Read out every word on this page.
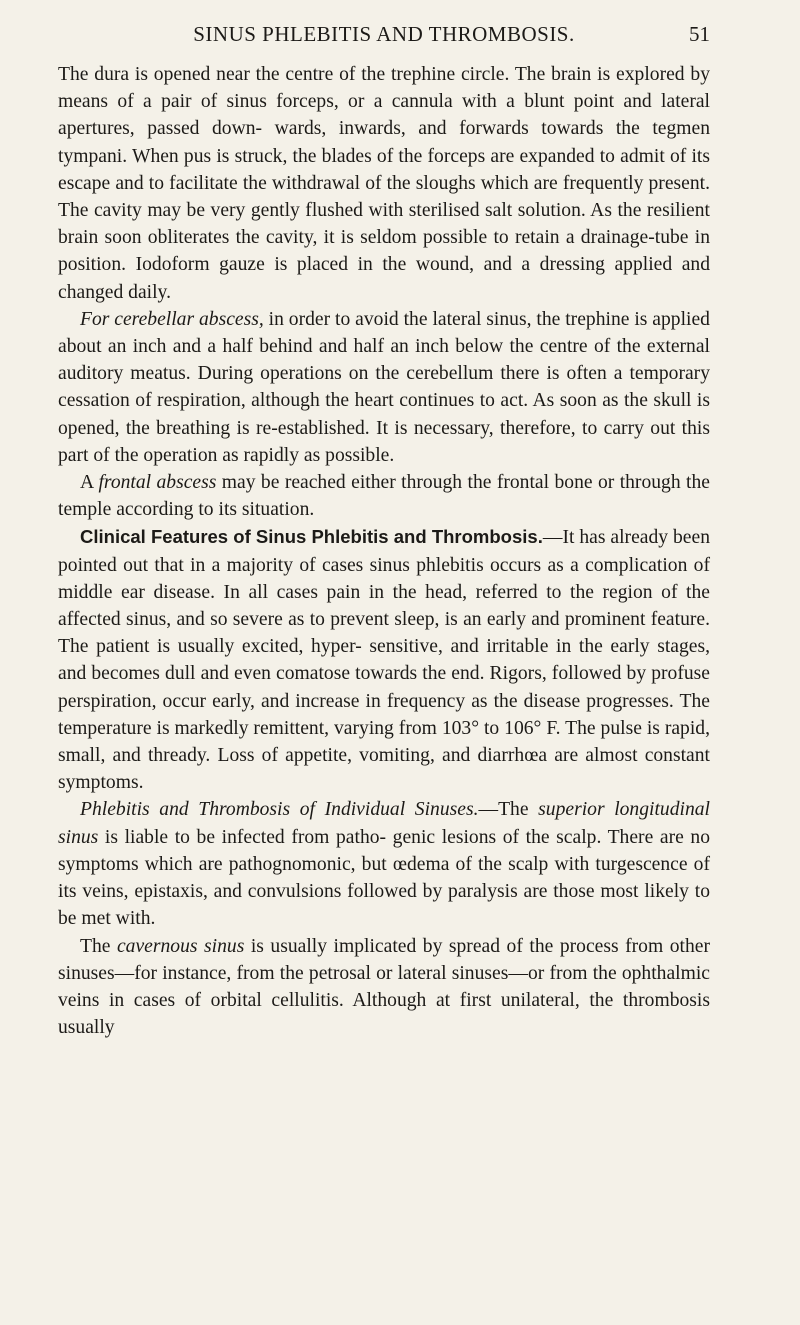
SINUS PHLEBITIS AND THROMBOSIS.	51

The dura is opened near the centre of the trephine circle. The brain is explored by means of a pair of sinus forceps, or a cannula with a blunt point and lateral apertures, passed down- wards, inwards, and forwards towards the tegmen tympani. When pus is struck, the blades of the forceps are expanded to admit of its escape and to facilitate the withdrawal of the sloughs which are frequently present. The cavity may be very gently flushed with sterilised salt solution. As the resilient brain soon obliterates the cavity, it is seldom possible to retain a drainage-tube in position. Iodoform gauze is placed in the wound, and a dressing applied and changed daily.

For cerebellar abscess, in order to avoid the lateral sinus, the trephine is applied about an inch and a half behind and half an inch below the centre of the external auditory meatus. During operations on the cerebellum there is often a temporary cessation of respiration, although the heart continues to act. As soon as the skull is opened, the breathing is re-established. It is necessary, therefore, to carry out this part of the operation as rapidly as possible.

A frontal abscess may be reached either through the frontal bone or through the temple according to its situation.

Clinical Features of Sinus Phlebitis and Thrombosis.—It has already been pointed out that in a majority of cases sinus phlebitis occurs as a complication of middle ear disease. In all cases pain in the head, referred to the region of the affected sinus, and so severe as to prevent sleep, is an early and prominent feature. The patient is usually excited, hyper- sensitive, and irritable in the early stages, and becomes dull and even comatose towards the end. Rigors, followed by profuse perspiration, occur early, and increase in frequency as the disease progresses. The temperature is markedly remittent, varying from 103° to 106° F. The pulse is rapid, small, and thready. Loss of appetite, vomiting, and diarrhœa are almost constant symptoms.

Phlebitis and Thrombosis of Individual Sinuses.—The superior longitudinal sinus is liable to be infected from patho- genic lesions of the scalp. There are no symptoms which are pathognomonic, but œdema of the scalp with turgescence of its veins, epistaxis, and convulsions followed by paralysis are those most likely to be met with.

The cavernous sinus is usually implicated by spread of the process from other sinuses—for instance, from the petrosal or lateral sinuses—or from the ophthalmic veins in cases of orbital cellulitis. Although at first unilateral, the thrombosis usually
